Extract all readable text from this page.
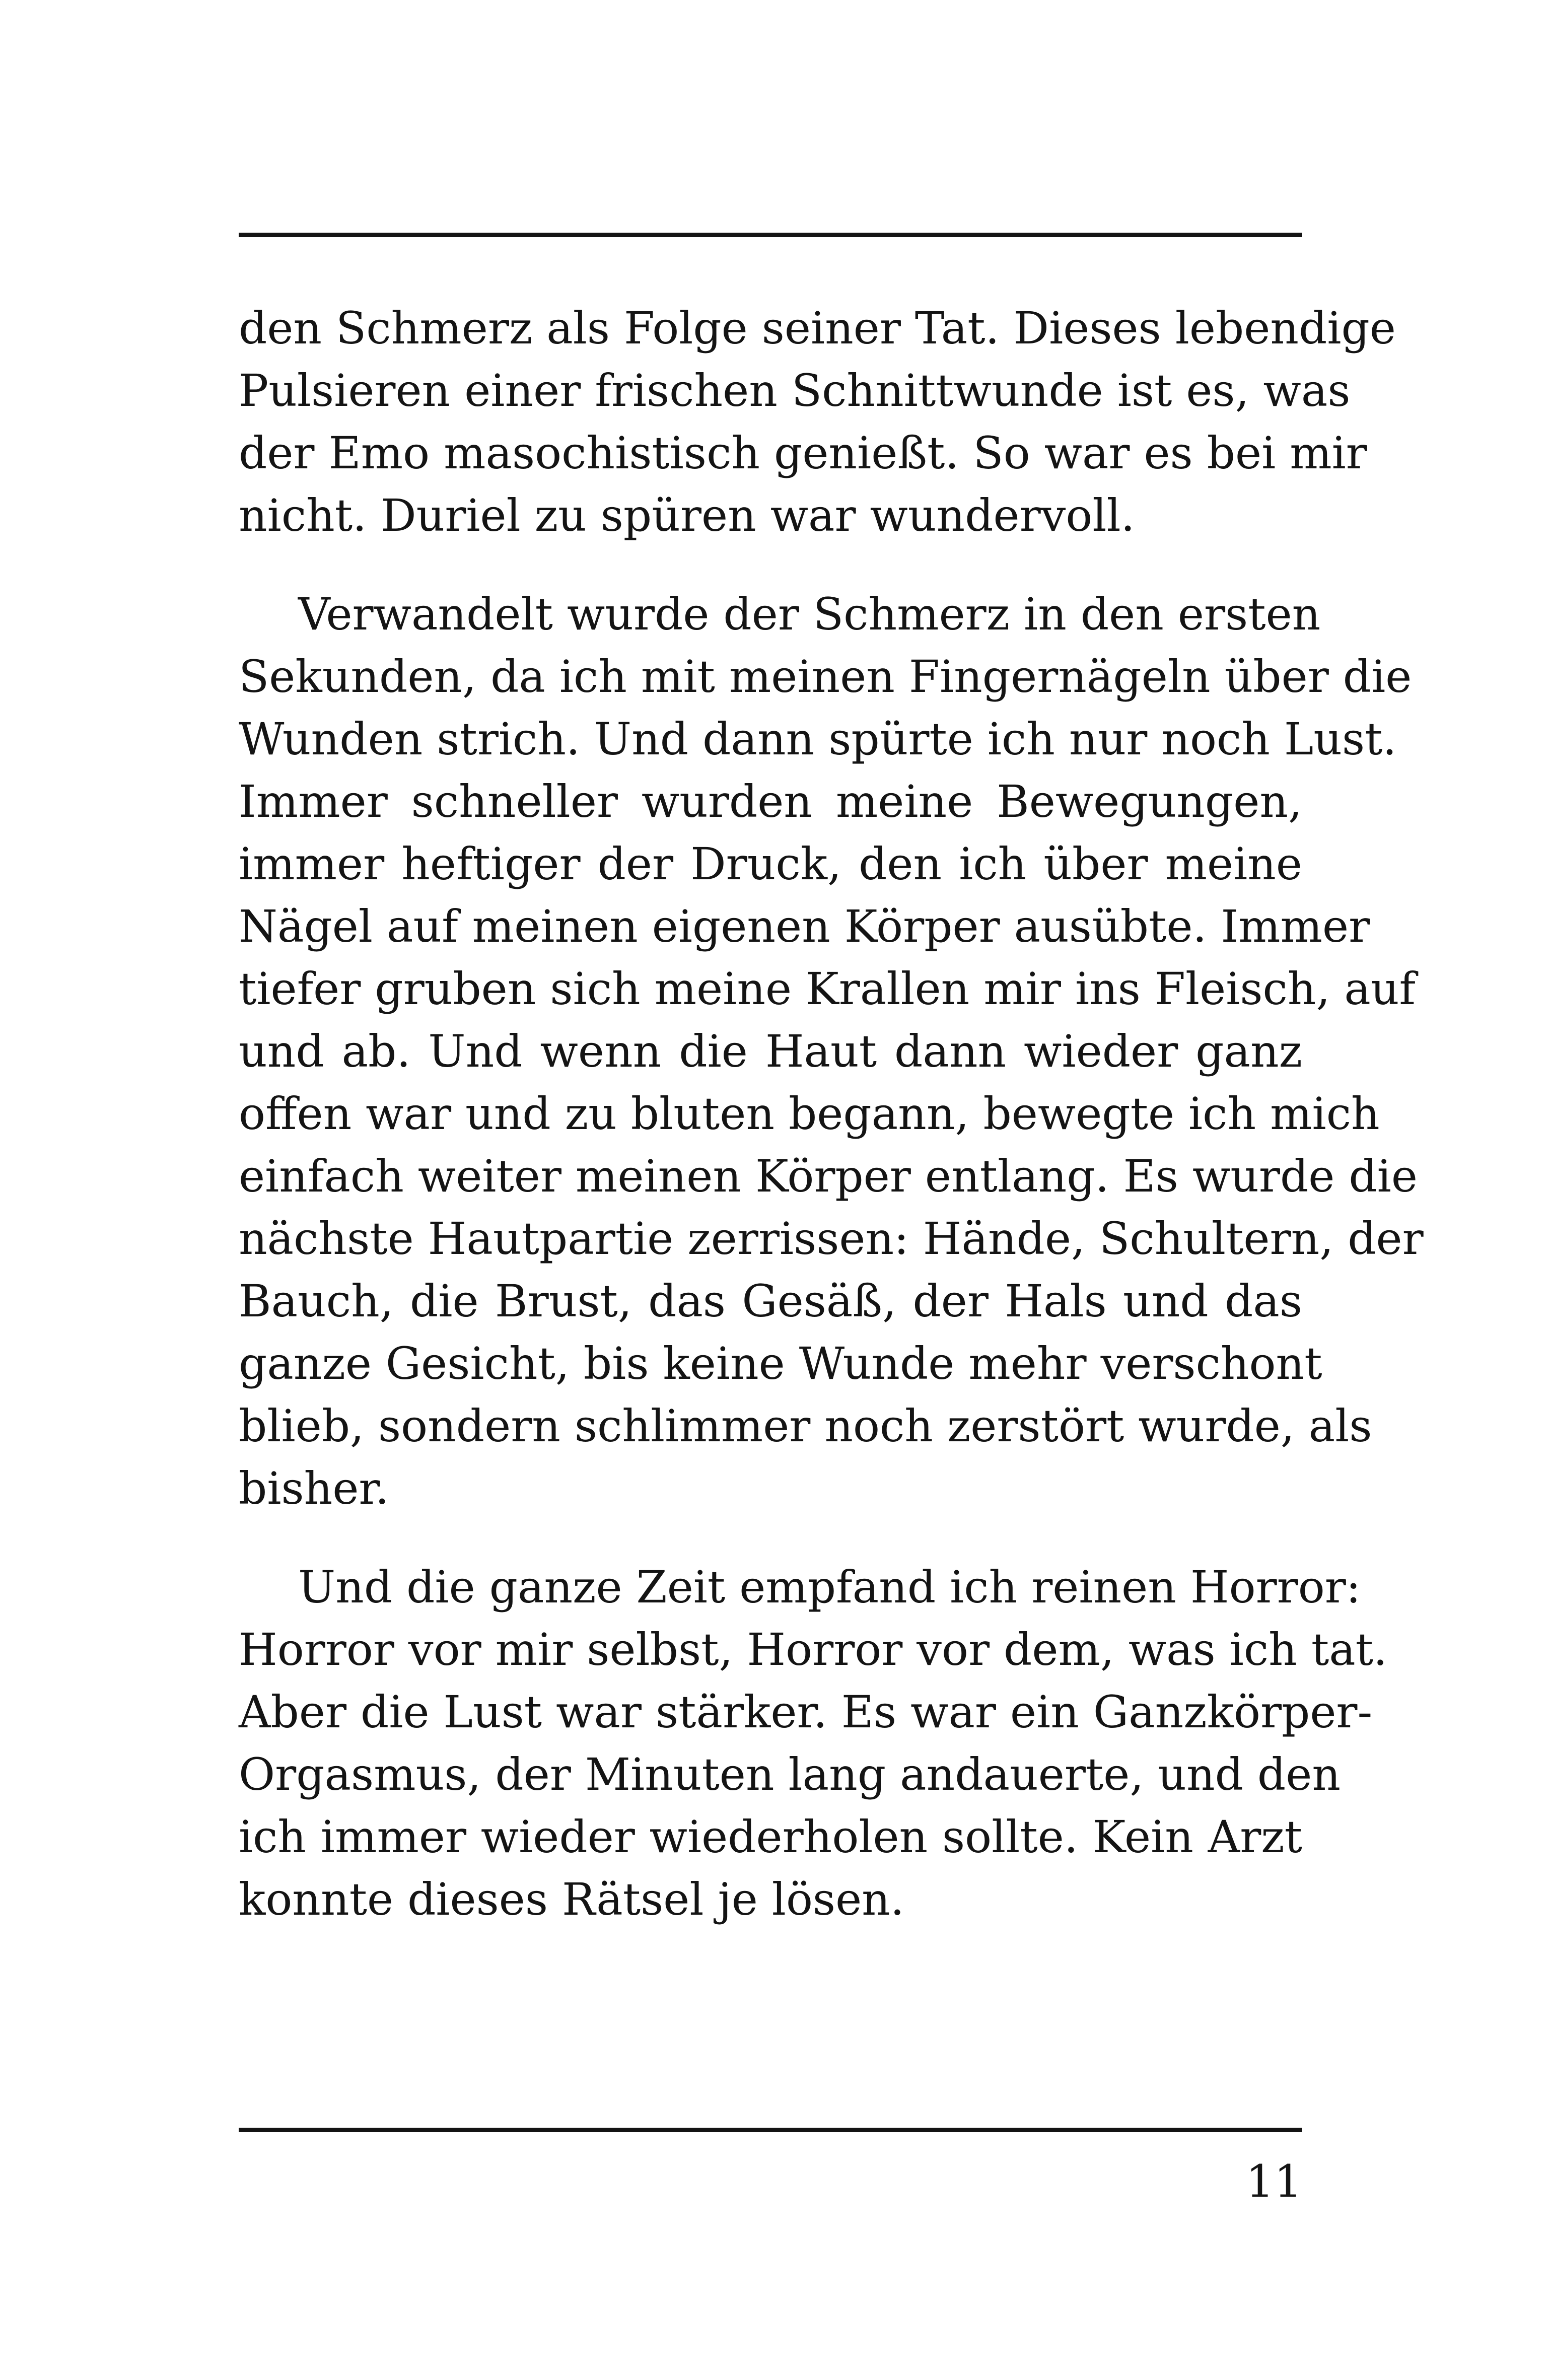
den Schmerz als Folge seiner Tat. Dieses lebendige
Pulsieren einer frischen Schnittwunde ist es, was
der Emo masochistisch genießt. So war es bei mir
nicht. Duriel zu spüren war wundervoll.
Verwandelt wurde der Schmerz in den ersten
Sekunden, da ich mit meinen Fingernägeln über die
Wunden strich. Und dann spürte ich nur noch Lust.
Immer schneller wurden meine Bewegungen,
immer heftiger der Druck, den ich über meine
Nägel auf meinen eigenen Körper ausübte. Immer
tiefer gruben sich meine Krallen mir ins Fleisch, auf
und ab. Und wenn die Haut dann wieder ganz
offen war und zu bluten begann, bewegte ich mich
einfach weiter meinen Körper entlang. Es wurde die
nächste Hautpartie zerrissen: Hände, Schultern, der
Bauch, die Brust, das Gesäß, der Hals und das
ganze Gesicht, bis keine Wunde mehr verschont
blieb, sondern schlimmer noch zerstört wurde, als
bisher.
Und die ganze Zeit empfand ich reinen Horror:
Horror vor mir selbst, Horror vor dem, was ich tat.
Aber die Lust war stärker. Es war ein Ganzkörper-
Orgasmus, der Minuten lang andauerte, und den
ich immer wieder wiederholen sollte. Kein Arzt
konnte dieses Rätsel je lösen.
11
